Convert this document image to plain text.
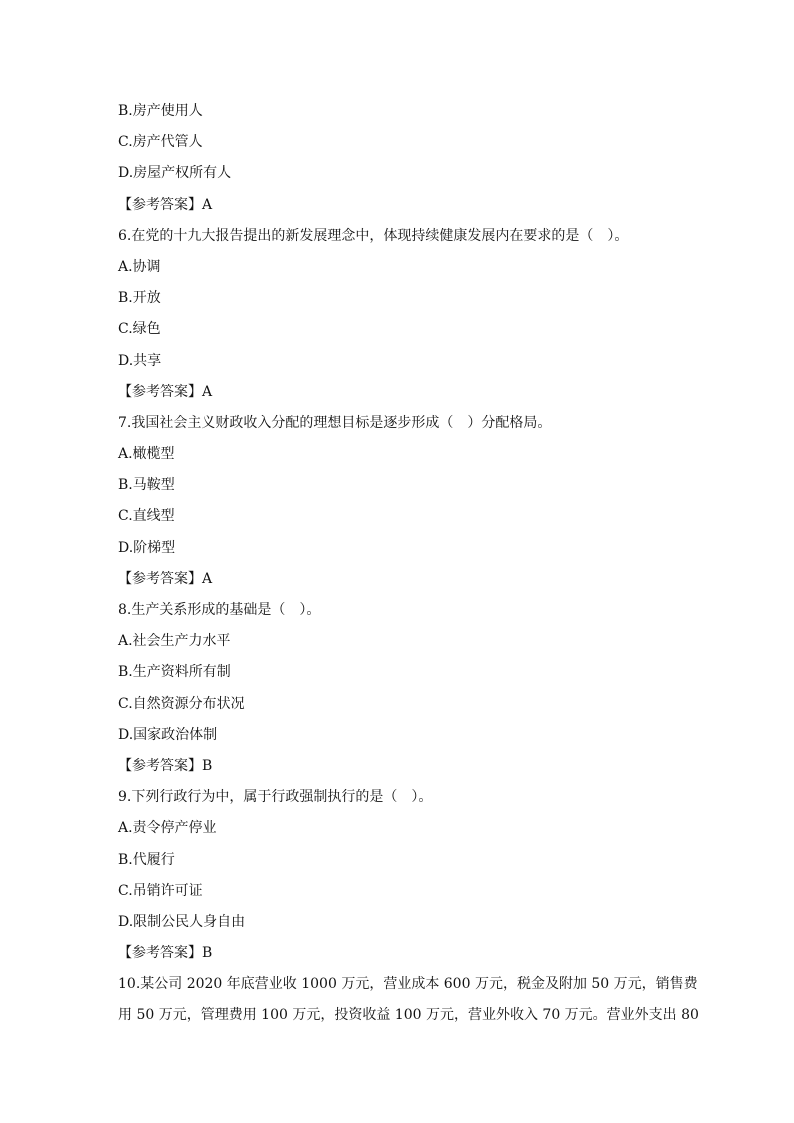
B.房产使用人
C.房产代管人
D.房屋产权所有人
【参考答案】A
6.在党的十九大报告提出的新发展理念中，体现持续健康发展内在要求的是（　）。
A.协调
B.开放
C.绿色
D.共享
【参考答案】A
7.我国社会主义财政收入分配的理想目标是逐步形成（　）分配格局。
A.橄榄型
B.马鞍型
C.直线型
D.阶梯型
【参考答案】A
8.生产关系形成的基础是（　）。
A.社会生产力水平
B.生产资料所有制
C.自然资源分布状况
D.国家政治体制
【参考答案】B
9.下列行政行为中，属于行政强制执行的是（　）。
A.责令停产停业
B.代履行
C.吊销许可证
D.限制公民人身自由
【参考答案】B
10.某公司 2020 年底营业收 1000 万元，营业成本 600 万元，税金及附加 50 万元，销售费
用 50 万元，管理费用 100 万元，投资收益 100 万元，营业外收入 70 万元。营业外支出 80
